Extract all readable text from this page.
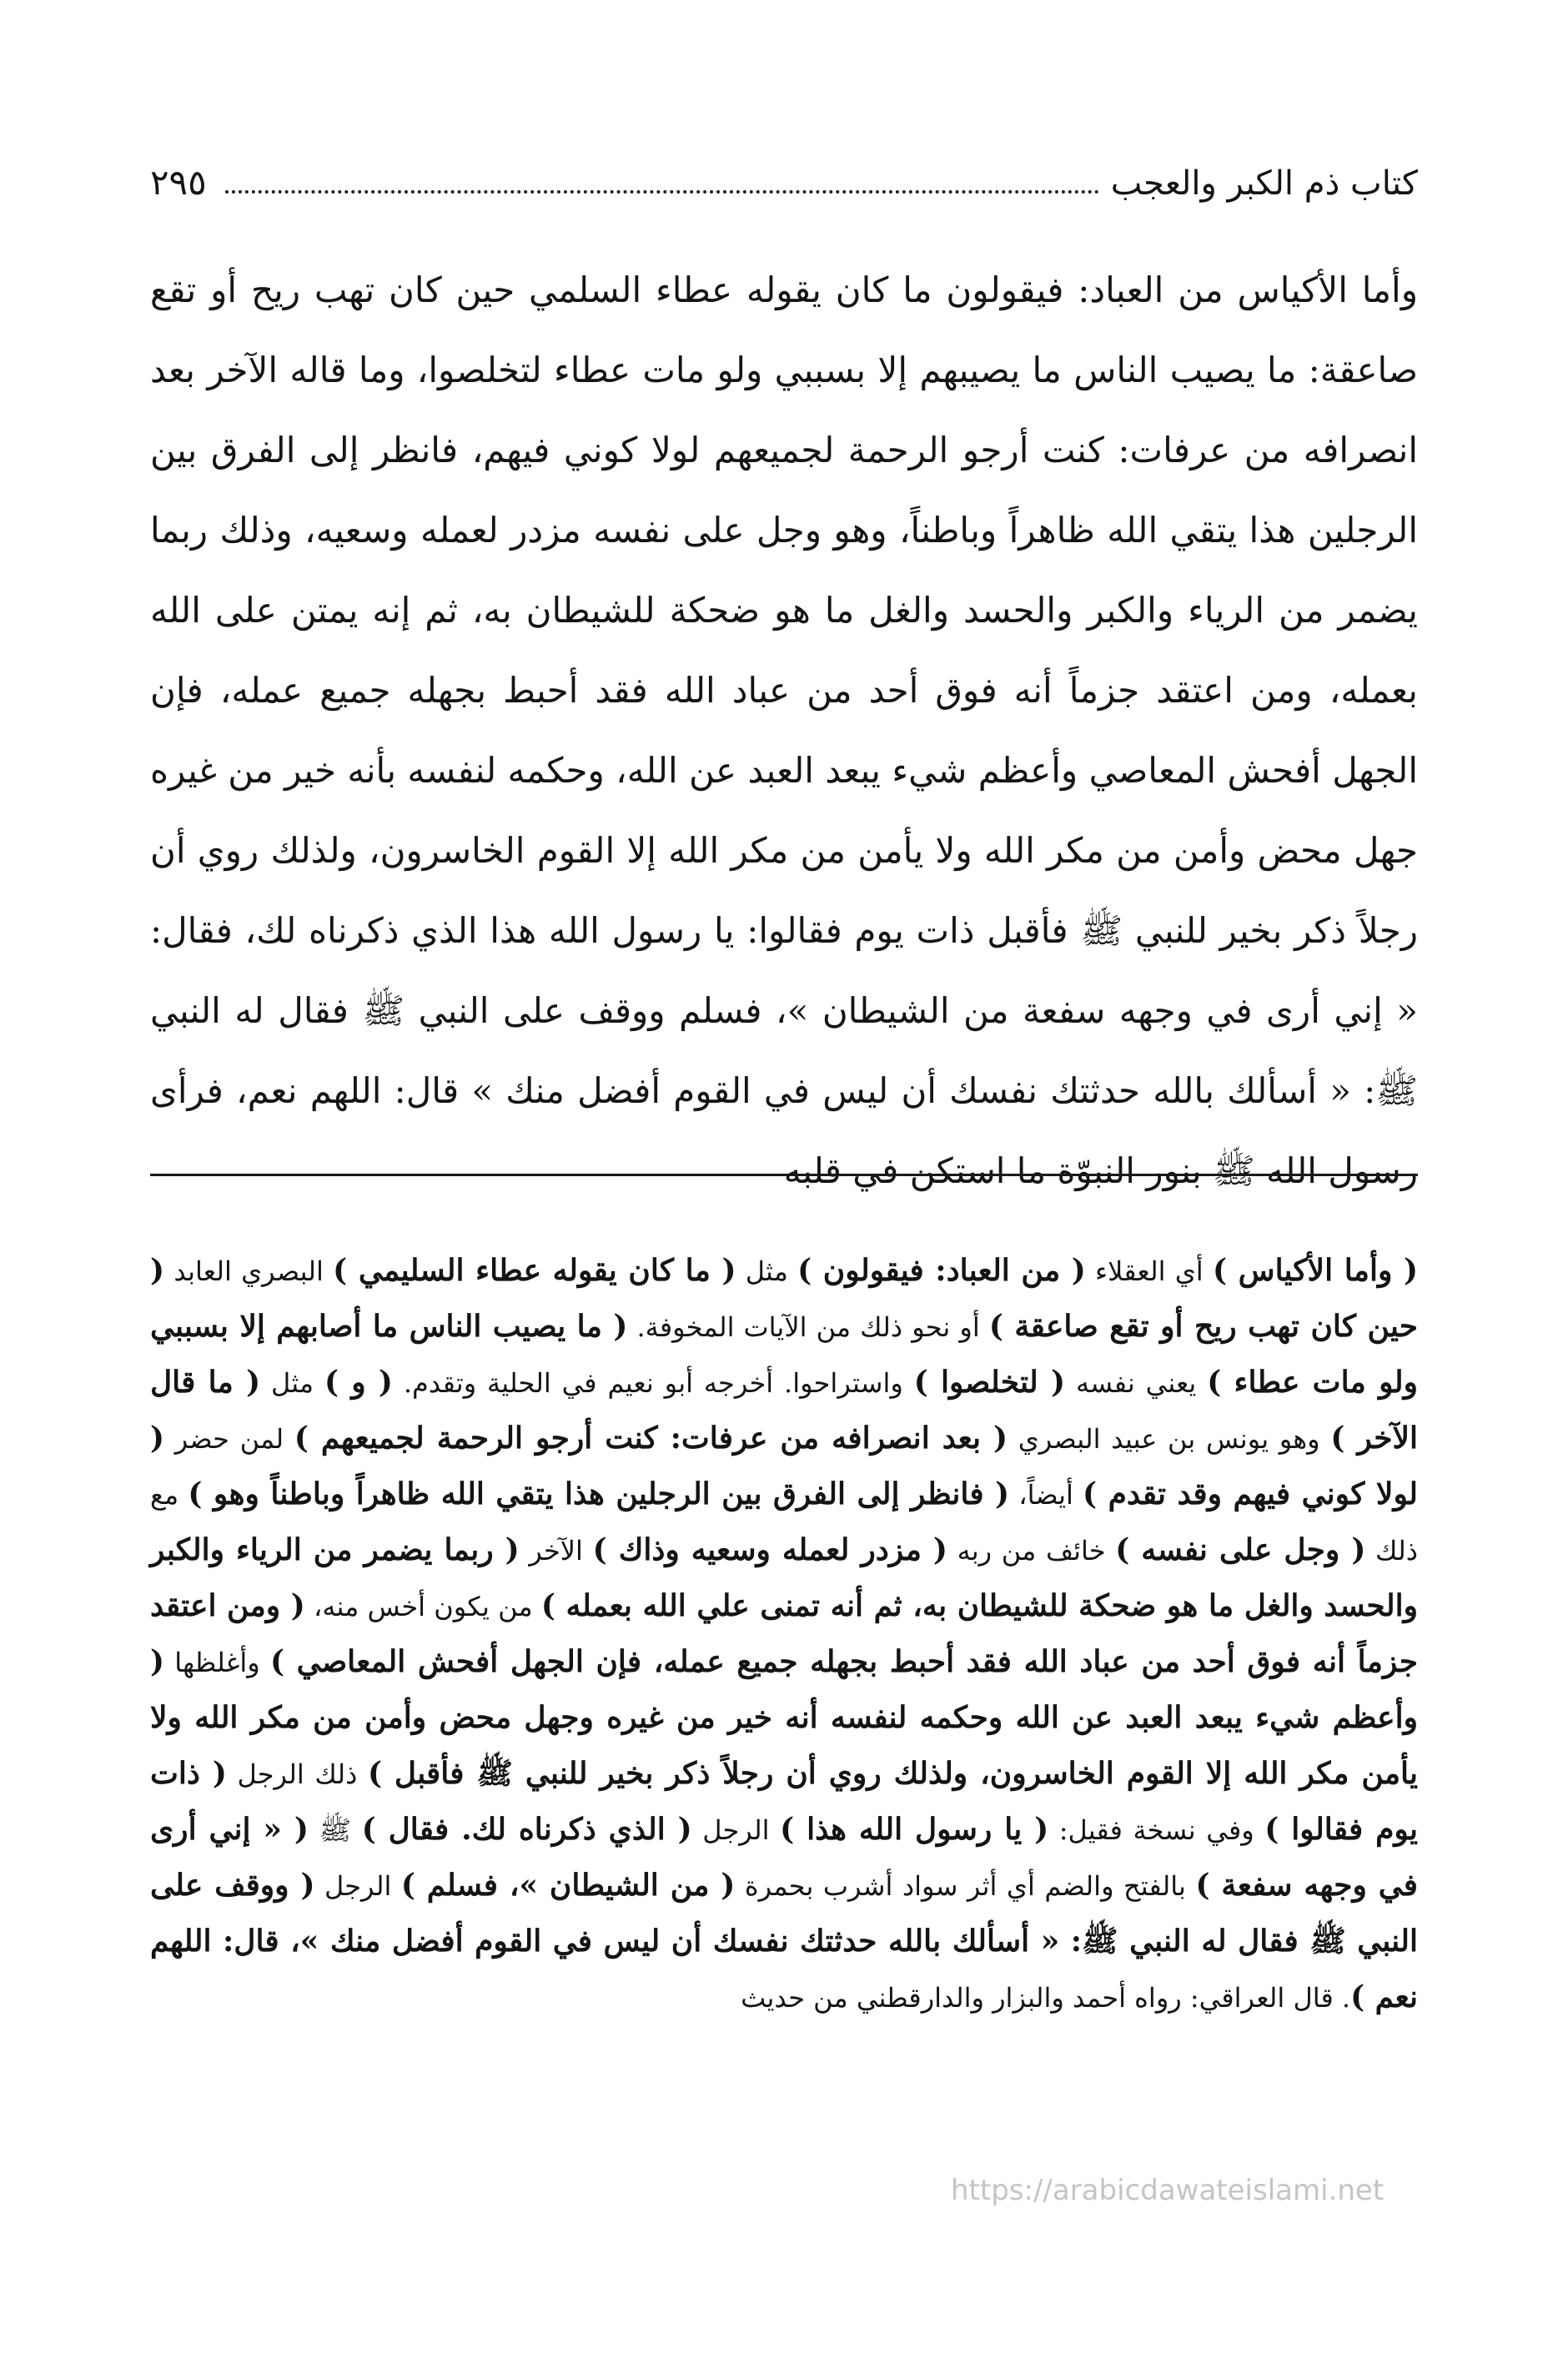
كتاب ذم الكبر والعجب
٢٩٥

وأما الأكياس من العباد: فيقولون ما كان يقوله عطاء السلمي حين كان تهب ريح أو تقع صاعقة: ما يصيب الناس ما يصيبهم إلا بسببي ولو مات عطاء لتخلصوا، وما قاله الآخر بعد انصرافه من عرفات: كنت أرجو الرحمة لجميعهم لولا كوني فيهم، فانظر إلى الفرق بين الرجلين هذا يتقي الله ظاهراً وباطناً، وهو وجل على نفسه مزدر لعمله وسعيه، وذلك ربما يضمر من الرياء والكبر والحسد والغل ما هو ضحكة للشيطان به، ثم إنه يمتن على الله بعمله، ومن اعتقد جزماً أنه فوق أحد من عباد الله فقد أحبط بجهله جميع عمله، فإن الجهل أفحش المعاصي وأعظم شيء يبعد العبد عن الله، وحكمه لنفسه بأنه خير من غيره جهل محض وأمن من مكر الله ولا يأمن من مكر الله إلا القوم الخاسرون، ولذلك روي أن رجلاً ذكر بخير للنبي ﷺ فأقبل ذات يوم فقالوا: يا رسول الله هذا الذي ذكرناه لك، فقال: « إني أرى في وجهه سفعة من الشيطان »، فسلم ووقف على النبي ﷺ فقال له النبي ﷺ: « أسألك بالله حدثتك نفسك أن ليس في القوم أفضل منك » قال: اللهم نعم، فرأى رسول الله ﷺ بنور النبوّة ما استكن في قلبه

( وأما الأكياس ) أي العقلاء ( من العباد: فيقولون ) مثل ( ما كان يقوله عطاء السليمي ) البصري العابد ( حين كان تهب ريح أو تقع صاعقة ) أو نحو ذلك من الآيات المخوفة. ( ما يصيب الناس ما أصابهم إلا بسببي ولو مات عطاء ) يعني نفسه ( لتخلصوا ) واستراحوا. أخرجه أبو نعيم في الحلية وتقدم. ( و ) مثل ( ما قال الآخر ) وهو يونس بن عبيد البصري ( بعد انصرافه من عرفات: كنت أرجو الرحمة لجميعهم ) لمن حضر ( لولا كوني فيهم وقد تقدم ) أيضاً، ( فانظر إلى الفرق بين الرجلين هذا يتقي الله ظاهراً وباطناً وهو ) مع ذلك ( وجل على نفسه ) خائف من ربه ( مزدر لعمله وسعيه وذاك ) الآخر ( ربما يضمر من الرياء والكبر والحسد والغل ما هو ضحكة للشيطان به، ثم أنه تمنى علي الله بعمله ) من يكون أخس منه، ( ومن اعتقد جزماً أنه فوق أحد من عباد الله فقد أحبط بجهله جميع عمله، فإن الجهل أفحش المعاصي ) وأغلظها ( وأعظم شيء يبعد العبد عن الله وحكمه لنفسه أنه خير من غيره وجهل محض وأمن من مكر الله ولا يأمن مكر الله إلا القوم الخاسرون، ولذلك روي أن رجلاً ذكر بخير للنبي ﷺ فأقبل ) ذلك الرجل ( ذات يوم فقالوا ) وفي نسخة فقيل: ( يا رسول الله هذا ) الرجل ( الذي ذكرناه لك. فقال ) ﷺ ( « إني أرى في وجهه سفعة ) بالفتح والضم أي أثر سواد أشرب بحمرة ( من الشيطان »، فسلم ) الرجل ( ووقف على النبي ﷺ فقال له النبي ﷺ: « أسألك بالله حدثتك نفسك أن ليس في القوم أفضل منك »، قال: اللهم نعم ). قال العراقي: رواه أحمد والبزار والدارقطني من حديث

https://arabicdawateislami.net
